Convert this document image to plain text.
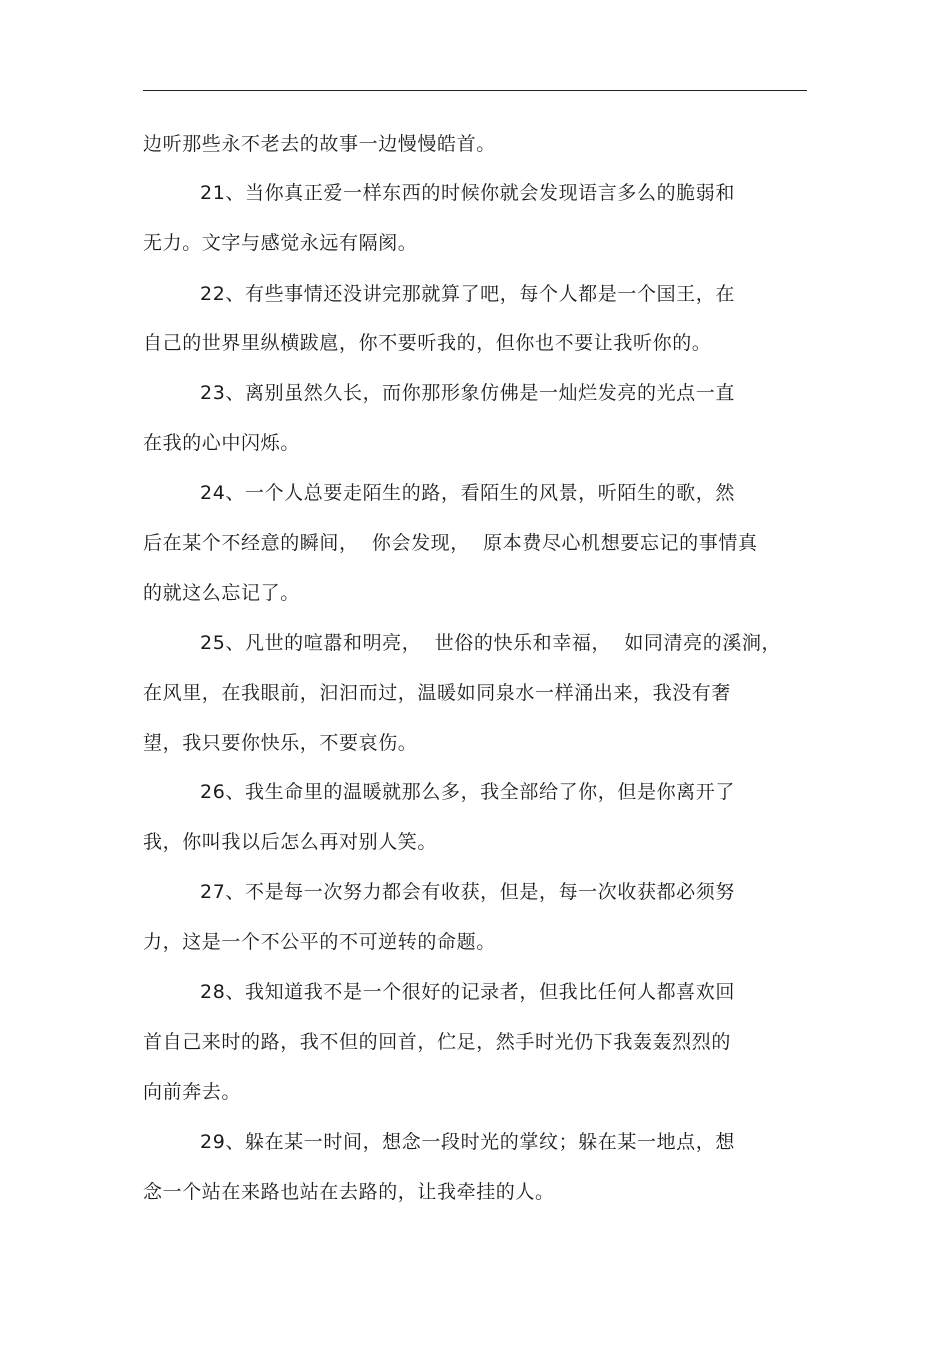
边听那些永不老去的故事一边慢慢皓首。
21、当你真正爱一样东西的时候你就会发现语言多么的脆弱和
无力。文字与感觉永远有隔阂。
22、有些事情还没讲完那就算了吧，每个人都是一个国王，在
自己的世界里纵横跋扈，你不要听我的，但你也不要让我听你的。
23、离别虽然久长，而你那形象仿佛是一灿烂发亮的光点一直
在我的心中闪烁。
24、一个人总要走陌生的路，看陌生的风景，听陌生的歌，然
后在某个不经意的瞬间，  你会发现，  原本费尽心机想要忘记的事情真
的就这么忘记了。
25、凡世的喧嚣和明亮，  世俗的快乐和幸福，  如同清亮的溪涧，
在风里，在我眼前，汩汩而过，温暖如同泉水一样涌出来，我没有奢
望，我只要你快乐，不要哀伤。
26、我生命里的温暖就那么多，我全部给了你，但是你离开了
我，你叫我以后怎么再对别人笑。
27、不是每一次努力都会有收获，但是，每一次收获都必须努
力，这是一个不公平的不可逆转的命题。
28、我知道我不是一个很好的记录者，但我比任何人都喜欢回
首自己来时的路，我不但的回首，伫足，然手时光仍下我轰轰烈烈的
向前奔去。
29、躲在某一时间，想念一段时光的掌纹；躲在某一地点，想
念一个站在来路也站在去路的，让我牵挂的人。
